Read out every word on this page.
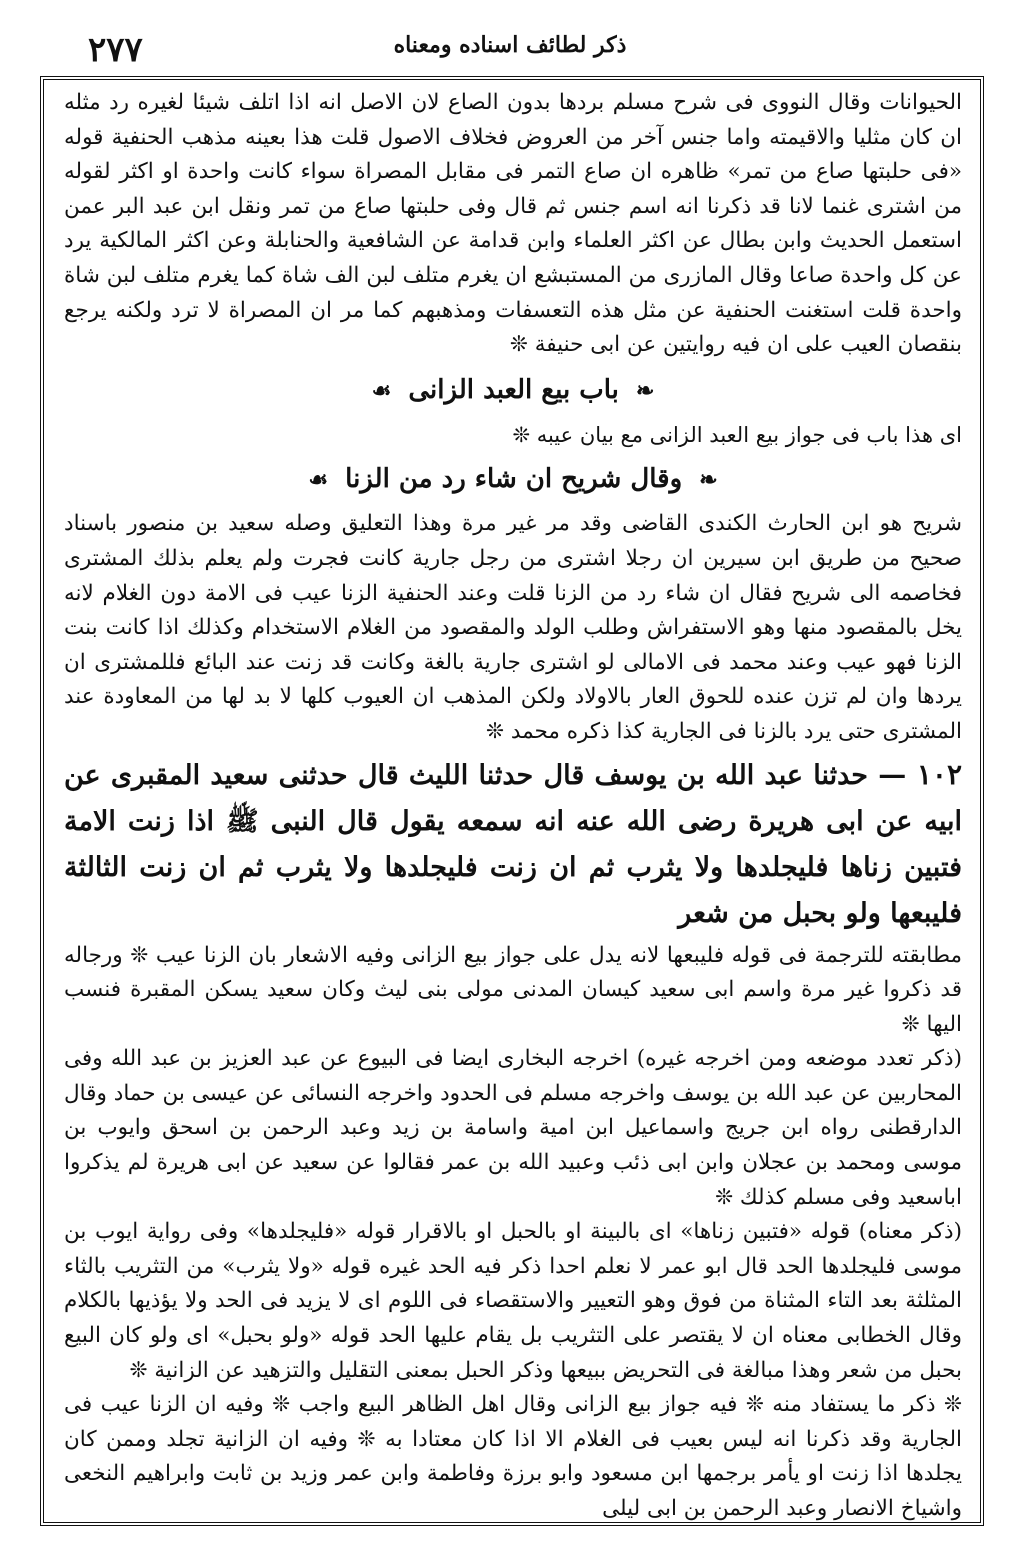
٢٧٧	ذكر لطائف اسناده ومعناه

الحيوانات وقال النووى فى شرح مسلم بردها بدون الصاع لان الاصل انه اذا اتلف شيئا لغيره رد مثله ان كان مثليا والاقيمته واما جنس آخر من العروض فخلاف الاصول قلت هذا بعينه مذهب الحنفية قوله «فى حلبتها صاع من تمر» ظاهره ان صاع التمر فى مقابل المصراة سواء كانت واحدة او اكثر لقوله من اشترى غنما لانا قد ذكرنا انه اسم جنس ثم قال وفى حلبتها صاع من تمر ونقل ابن عبد البر عمن استعمل الحديث وابن بطال عن اكثر العلماء وابن قدامة عن الشافعية والحنابلة وعن اكثر المالكية يرد عن كل واحدة صاعا وقال المازرى من المستبشع ان يغرم متلف لبن الف شاة كما يغرم متلف لبن شاة واحدة قلت استغنت الحنفية عن مثل هذه التعسفات ومذهبهم كما مر ان المصراة لا ترد ولكنه يرجع بنقصان العيب على ان فيه روايتين عن ابى حنيفة ❊

❧ باب بيع العبد الزانى ☙

اى هذا باب فى جواز بيع العبد الزانى مع بيان عيبه ❊

❧ وقال شريح ان شاء رد من الزنا ☙

شريح هو ابن الحارث الكندى القاضى وقد مر غير مرة وهذا التعليق وصله سعيد بن منصور باسناد صحيح من طريق ابن سيرين ان رجلا اشترى من رجل جارية كانت فجرت ولم يعلم بذلك المشترى فخاصمه الى شريح فقال ان شاء رد من الزنا قلت وعند الحنفية الزنا عيب فى الامة دون الغلام لانه يخل بالمقصود منها وهو الاستفراش وطلب الولد والمقصود من الغلام الاستخدام وكذلك اذا كانت بنت الزنا فهو عيب وعند محمد فى الامالى لو اشترى جارية بالغة وكانت قد زنت عند البائع فللمشترى ان يردها وان لم تزن عنده للحوق العار بالاولاد ولكن المذهب ان العيوب كلها لا بد لها من المعاودة عند المشترى حتى يرد بالزنا فى الجارية كذا ذكره محمد ❊

١٠٢ — حدثنا عبد الله بن يوسف قال حدثنا الليث قال حدثنى سعيد المقبرى عن ابيه عن ابى هريرة رضى الله عنه انه سمعه يقول قال النبى ﷺ اذا زنت الامة فتبين زناها فليجلدها ولا يثرب ثم ان زنت فليجلدها ولا يثرب ثم ان زنت الثالثة فليبعها ولو بحبل من شعر

مطابقته للترجمة فى قوله فليبعها لانه يدل على جواز بيع الزانى وفيه الاشعار بان الزنا عيب ❊ ورجاله قد ذكروا غير مرة واسم ابى سعيد كيسان المدنى مولى بنى ليث وكان سعيد يسكن المقبرة فنسب اليها ❊

(ذكر تعدد موضعه ومن اخرجه غيره) اخرجه البخارى ايضا فى البيوع عن عبد العزيز بن عبد الله وفى المحاربين عن عبد الله بن يوسف واخرجه مسلم فى الحدود واخرجه النسائى عن عيسى بن حماد وقال الدارقطنى رواه ابن جريج واسماعيل ابن امية واسامة بن زيد وعبد الرحمن بن اسحق وايوب بن موسى ومحمد بن عجلان وابن ابى ذئب وعبيد الله بن عمر فقالوا عن سعيد عن ابى هريرة لم يذكروا اباسعيد وفى مسلم كذلك ❊

(ذكر معناه) قوله «فتبين زناها» اى بالبينة او بالحبل او بالاقرار قوله «فليجلدها» وفى رواية ايوب بن موسى فليجلدها الحد قال ابو عمر لا نعلم احدا ذكر فيه الحد غيره قوله «ولا يثرب» من التثريب بالثاء المثلثة بعد التاء المثناة من فوق وهو التعيير والاستقصاء فى اللوم اى لا يزيد فى الحد ولا يؤذيها بالكلام وقال الخطابى معناه ان لا يقتصر على التثريب بل يقام عليها الحد قوله «ولو بحبل» اى ولو كان البيع بحبل من شعر وهذا مبالغة فى التحريض ببيعها وذكر الحبل بمعنى التقليل والتزهيد عن الزانية ❊

❊ ذكر ما يستفاد منه ❊ فيه جواز بيع الزانى وقال اهل الظاهر البيع واجب ❊ وفيه ان الزنا عيب فى الجارية وقد ذكرنا انه ليس بعيب فى الغلام الا اذا كان معتادا به ❊ وفيه ان الزانية تجلد وممن كان يجلدها اذا زنت او يأمر برجمها ابن مسعود وابو برزة وفاطمة وابن عمر وزيد بن ثابت وابراهيم النخعى واشياخ الانصار وعبد الرحمن بن ابى ليلى
